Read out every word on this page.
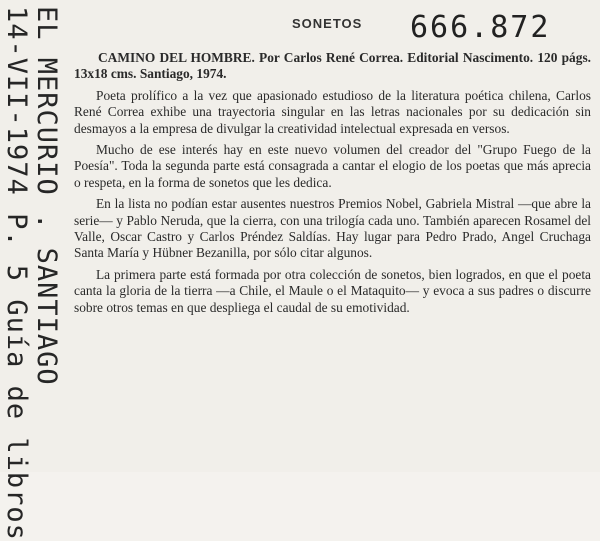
EL MERCURIO . SANTIAGO
14-VII-1974 P. 5 Guía de libros	SONETOS 666.872

CAMINO DEL HOMBRE. Por Carlos René Correa. Editorial Nascimento. 120 págs. 13x18 cms. Santiago, 1974.

Poeta prolífico a la vez que apasionado estudioso de la literatura poética chilena, Carlos René Correa exhibe una trayectoria singular en las letras nacionales por su dedicación sin desmayos a la empresa de divulgar la creatividad intelectual expresada en versos.

Mucho de ese interés hay en este nuevo volumen del creador del "Grupo Fuego de la Poesía". Toda la segunda parte está consagrada a cantar el elogio de los poetas que más aprecia o respeta, en la forma de sonetos que les dedica.

En la lista no podían estar ausentes nuestros Premios Nobel, Gabriela Mistral —que abre la serie— y Pablo Neruda, que la cierra, con una trilogía cada uno. También aparecen Rosamel del Valle, Oscar Castro y Carlos Préndez Saldías. Hay lugar para Pedro Prado, Angel Cruchaga Santa María y Hübner Bezanilla, por sólo citar algunos.

La primera parte está formada por otra colección de sonetos, bien logrados, en que el poeta canta la gloria de la tierra —a Chile, el Maule o el Mataquito— y evoca a sus padres o discurre sobre otros temas en que despliega el caudal de su emotividad.
